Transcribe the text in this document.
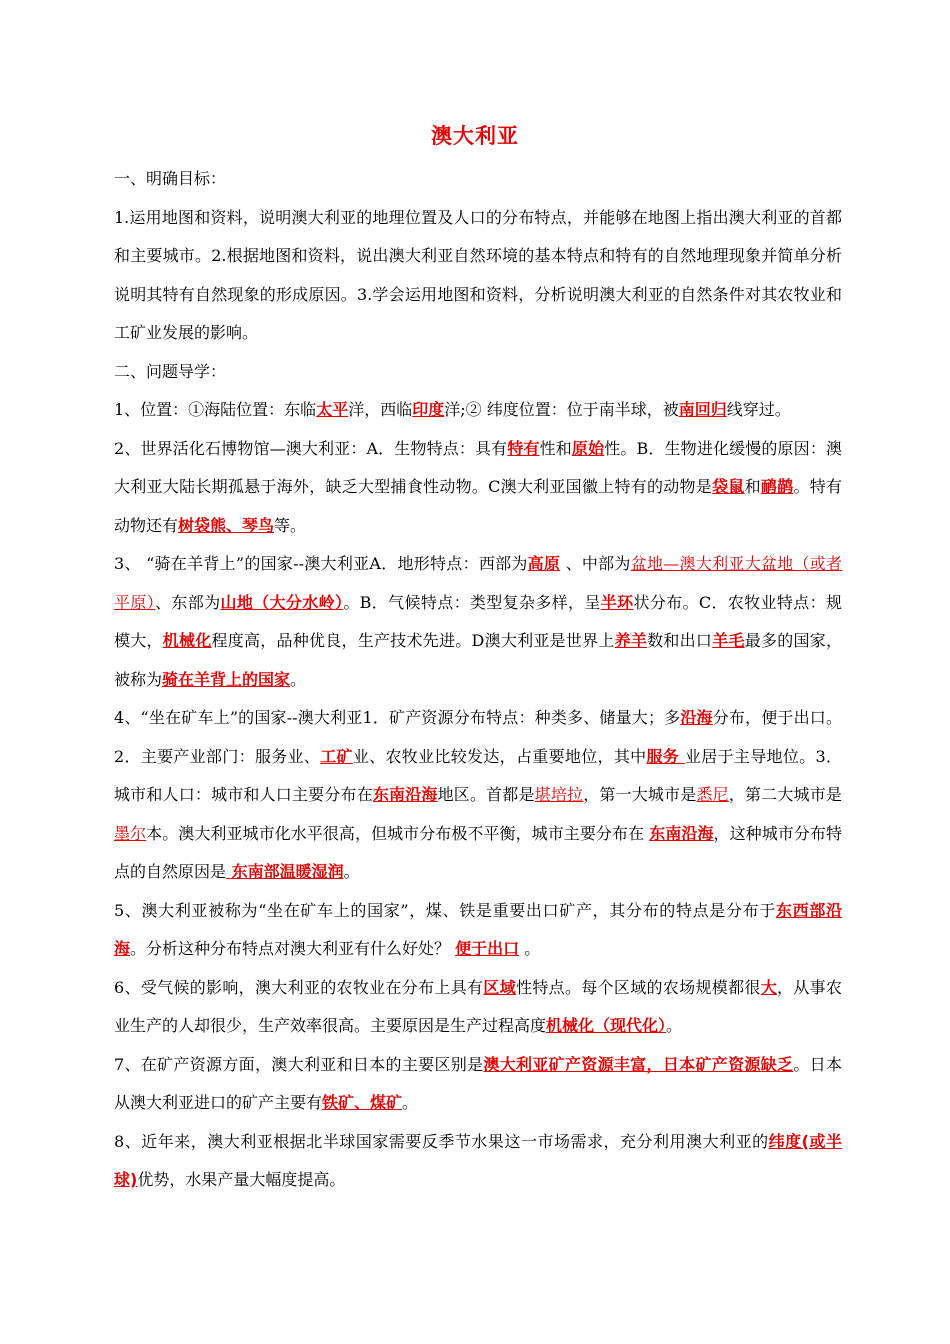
澳大利亚

一、明确目标：

1.运用地图和资料，说明澳大利亚的地理位置及人口的分布特点，并能够在地图上指出澳大利亚的首都和主要城市。2.根据地图和资料，说出澳大利亚自然环境的基本特点和特有的自然地理现象并简单分析说明其特有自然现象的形成原因。3.学会运用地图和资料，分析说明澳大利亚的自然条件对其农牧业和工矿业发展的影响。

二、问题导学：

1、位置：①海陆位置：东临太平洋，西临印度洋;② 纬度位置：位于南半球，被南回归线穿过。

2、世界活化石博物馆—澳大利亚：A．生物特点：具有特有性和原始性。B．生物进化缓慢的原因：澳大利亚大陆长期孤悬于海外，缺乏大型捕食性动物。C澳大利亚国徽上特有的动物是袋鼠和鸸鹋。特有动物还有树袋熊、琴鸟等。

3、 “骑在羊背上”的国家--澳大利亚A．地形特点：西部为高原 、中部为盆地—澳大利亚大盆地（或者平原）、东部为山地（大分水岭）。B．气候特点：类型复杂多样，呈半环状分布。C．农牧业特点：规模大，机械化程度高，品种优良，生产技术先进。D澳大利亚是世界上养羊数和出口羊毛最多的国家，被称为骑在羊背上的国家。

4、“坐在矿车上”的国家--澳大利亚1．矿产资源分布特点：种类多、储量大；多沿海分布，便于出口。2．主要产业部门：服务业、工矿业、农牧业比较发达，占重要地位，其中服务 业居于主导地位。3．城市和人口：城市和人口主要分布在东南沿海地区。首都是堪培拉，第一大城市是悉尼，第二大城市是墨尔本。澳大利亚城市化水平很高，但城市分布极不平衡，城市主要分布在 东南沿海，这种城市分布特点的自然原因是 东南部温暖湿润。

5、澳大利亚被称为“坐在矿车上的国家”，煤、铁是重要出口矿产，其分布的特点是分布于东西部沿海。分析这种分布特点对澳大利亚有什么好处？ 便于出口 。

6、受气候的影响，澳大利亚的农牧业在分布上具有区域性特点。每个区域的农场规模都很大，从事农业生产的人却很少，生产效率很高。主要原因是生产过程高度机械化（现代化）。

7、在矿产资源方面，澳大利亚和日本的主要区别是澳大利亚矿产资源丰富，日本矿产资源缺乏。日本从澳大利亚进口的矿产主要有铁矿、煤矿。

8、近年来，澳大利亚根据北半球国家需要反季节水果这一市场需求，充分利用澳大利亚的纬度(或半球)优势，水果产量大幅度提高。
